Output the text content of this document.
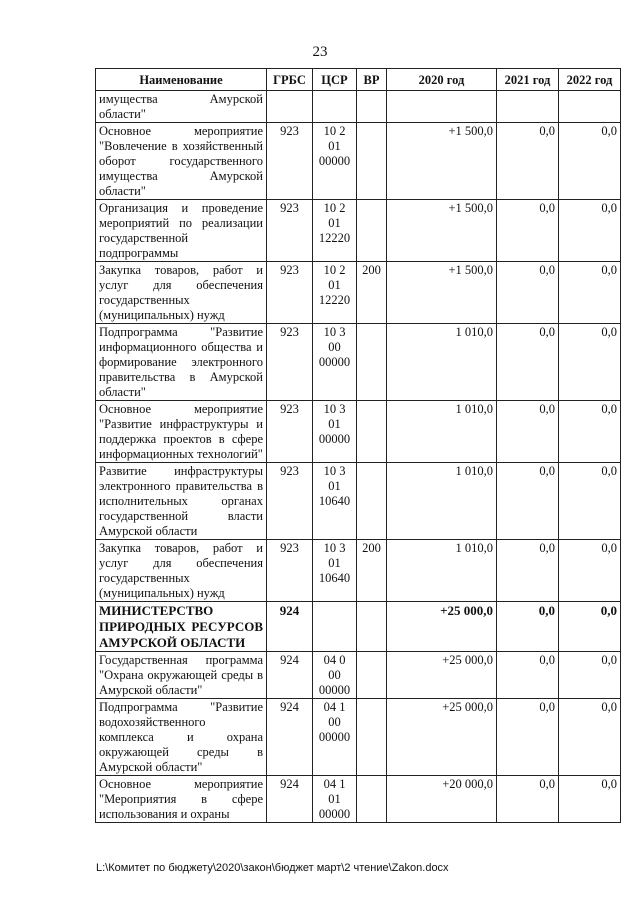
23
Наименование	ГРБС	ЦСР	ВР	2020 год	2021 год	2022 год
имущества Амурской области"						
Основное мероприятие "Вовлечение в хозяйственный оборот государственного имущества Амурской области"	923	10 2 01 00000		+1 500,0	0,0	0,0
Организация и проведение мероприятий по реализации государственной подпрограммы	923	10 2 01 12220		+1 500,0	0,0	0,0
Закупка товаров, работ и услуг для обеспечения государственных (муниципальных) нужд	923	10 2 01 12220	200	+1 500,0	0,0	0,0
Подпрограмма "Развитие информационного общества и формирование электронного правительства в Амурской области"	923	10 3 00 00000		1 010,0	0,0	0,0
Основное мероприятие "Развитие инфраструктуры и поддержка проектов в сфере информационных технологий"	923	10 3 01 00000		1 010,0	0,0	0,0
Развитие инфраструктуры электронного правительства в исполнительных органах государственной власти Амурской области	923	10 3 01 10640		1 010,0	0,0	0,0
Закупка товаров, работ и услуг для обеспечения государственных (муниципальных) нужд	923	10 3 01 10640	200	1 010,0	0,0	0,0
МИНИСТЕРСТВО ПРИРОДНЫХ РЕСУРСОВ АМУРСКОЙ ОБЛАСТИ	924			+25 000,0	0,0	0,0
Государственная программа "Охрана окружающей среды в Амурской области"	924	04 0 00 00000		+25 000,0	0,0	0,0
Подпрограмма "Развитие водохозяйственного комплекса и охрана окружающей среды в Амурской области"	924	04 1 00 00000		+25 000,0	0,0	0,0
Основное мероприятие "Мероприятия в сфере использования и охраны	924	04 1 01 00000		+20 000,0	0,0	0,0
L:\Комитет по бюджету\2020\закон\бюджет март\2 чтение\Zakon.docx
